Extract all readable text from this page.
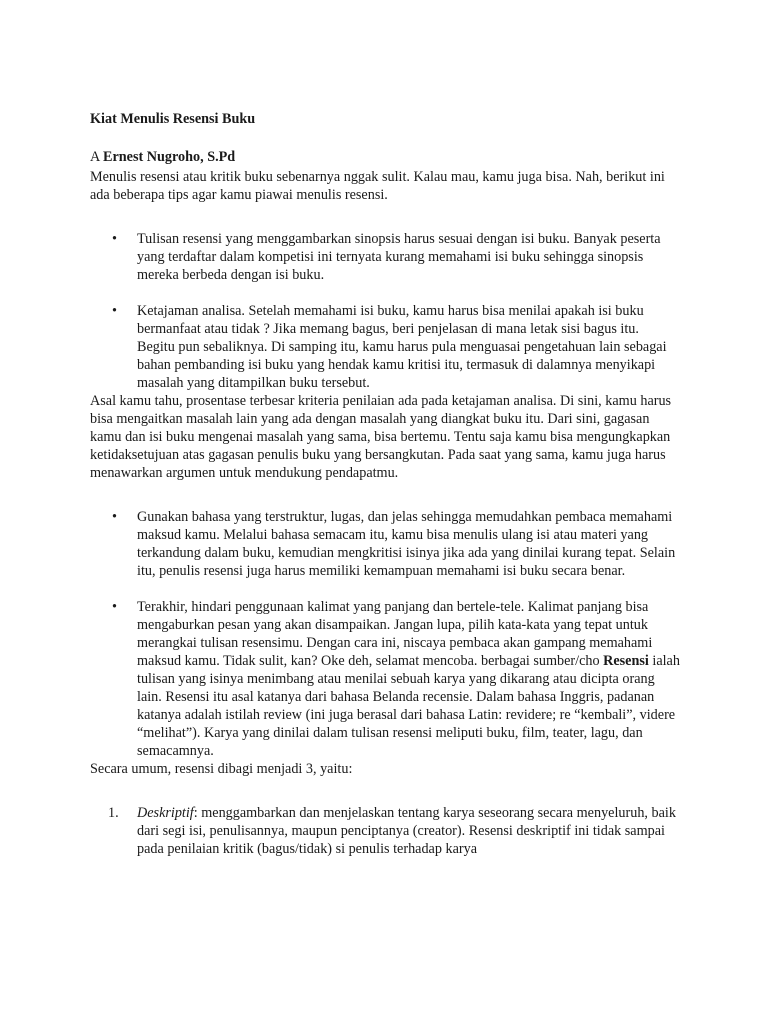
Kiat Menulis Resensi Buku

A Ernest Nugroho, S.Pd

Menulis resensi atau kritik buku sebenarnya nggak sulit. Kalau mau, kamu juga bisa. Nah, berikut ini ada beberapa tips agar kamu piawai menulis resensi.

• Tulisan resensi yang menggambarkan sinopsis harus sesuai dengan isi buku. Banyak peserta yang terdaftar dalam kompetisi ini ternyata kurang memahami isi buku sehingga sinopsis mereka berbeda dengan isi buku.
• Ketajaman analisa. Setelah memahami isi buku, kamu harus bisa menilai apakah isi buku bermanfaat atau tidak ? Jika memang bagus, beri penjelasan di mana letak sisi bagus itu. Begitu pun sebaliknya. Di samping itu, kamu harus pula menguasai pengetahuan lain sebagai bahan pembanding isi buku yang hendak kamu kritisi itu, termasuk di dalamnya menyikapi masalah yang ditampilkan buku tersebut.

Asal kamu tahu, prosentase terbesar kriteria penilaian ada pada ketajaman analisa. Di sini, kamu harus bisa mengaitkan masalah lain yang ada dengan masalah yang diangkat buku itu. Dari sini, gagasan kamu dan isi buku mengenai masalah yang sama, bisa bertemu. Tentu saja kamu bisa mengungkapkan ketidaksetujuan atas gagasan penulis buku yang bersangkutan. Pada saat yang sama, kamu juga harus menawarkan argumen untuk mendukung pendapatmu.

• Gunakan bahasa yang terstruktur, lugas, dan jelas sehingga memudahkan pembaca memahami maksud kamu. Melalui bahasa semacam itu, kamu bisa menulis ulang isi atau materi yang terkandung dalam buku, kemudian mengkritisi isinya jika ada yang dinilai kurang tepat. Selain itu, penulis resensi juga harus memiliki kemampuan memahami isi buku secara benar.
• Terakhir, hindari penggunaan kalimat yang panjang dan bertele-tele. Kalimat panjang bisa mengaburkan pesan yang akan disampaikan. Jangan lupa, pilih kata-kata yang tepat untuk merangkai tulisan resensimu. Dengan cara ini, niscaya pembaca akan gampang memahami maksud kamu. Tidak sulit, kan? Oke deh, selamat mencoba. berbagai sumber/cho Resensi ialah tulisan yang isinya menimbang atau menilai sebuah karya yang dikarang atau dicipta orang lain. Resensi itu asal katanya dari bahasa Belanda recensie. Dalam bahasa Inggris, padanan katanya adalah istilah review (ini juga berasal dari bahasa Latin: revidere; re “kembali”, videre “melihat”). Karya yang dinilai dalam tulisan resensi meliputi buku, film, teater, lagu, dan semacamnya.

Secara umum, resensi dibagi menjadi 3, yaitu:

1. Deskriptif: menggambarkan dan menjelaskan tentang karya seseorang secara menyeluruh, baik dari segi isi, penulisannya, maupun penciptanya (creator). Resensi deskriptif ini tidak sampai pada penilaian kritik (bagus/tidak) si penulis terhadap karya
